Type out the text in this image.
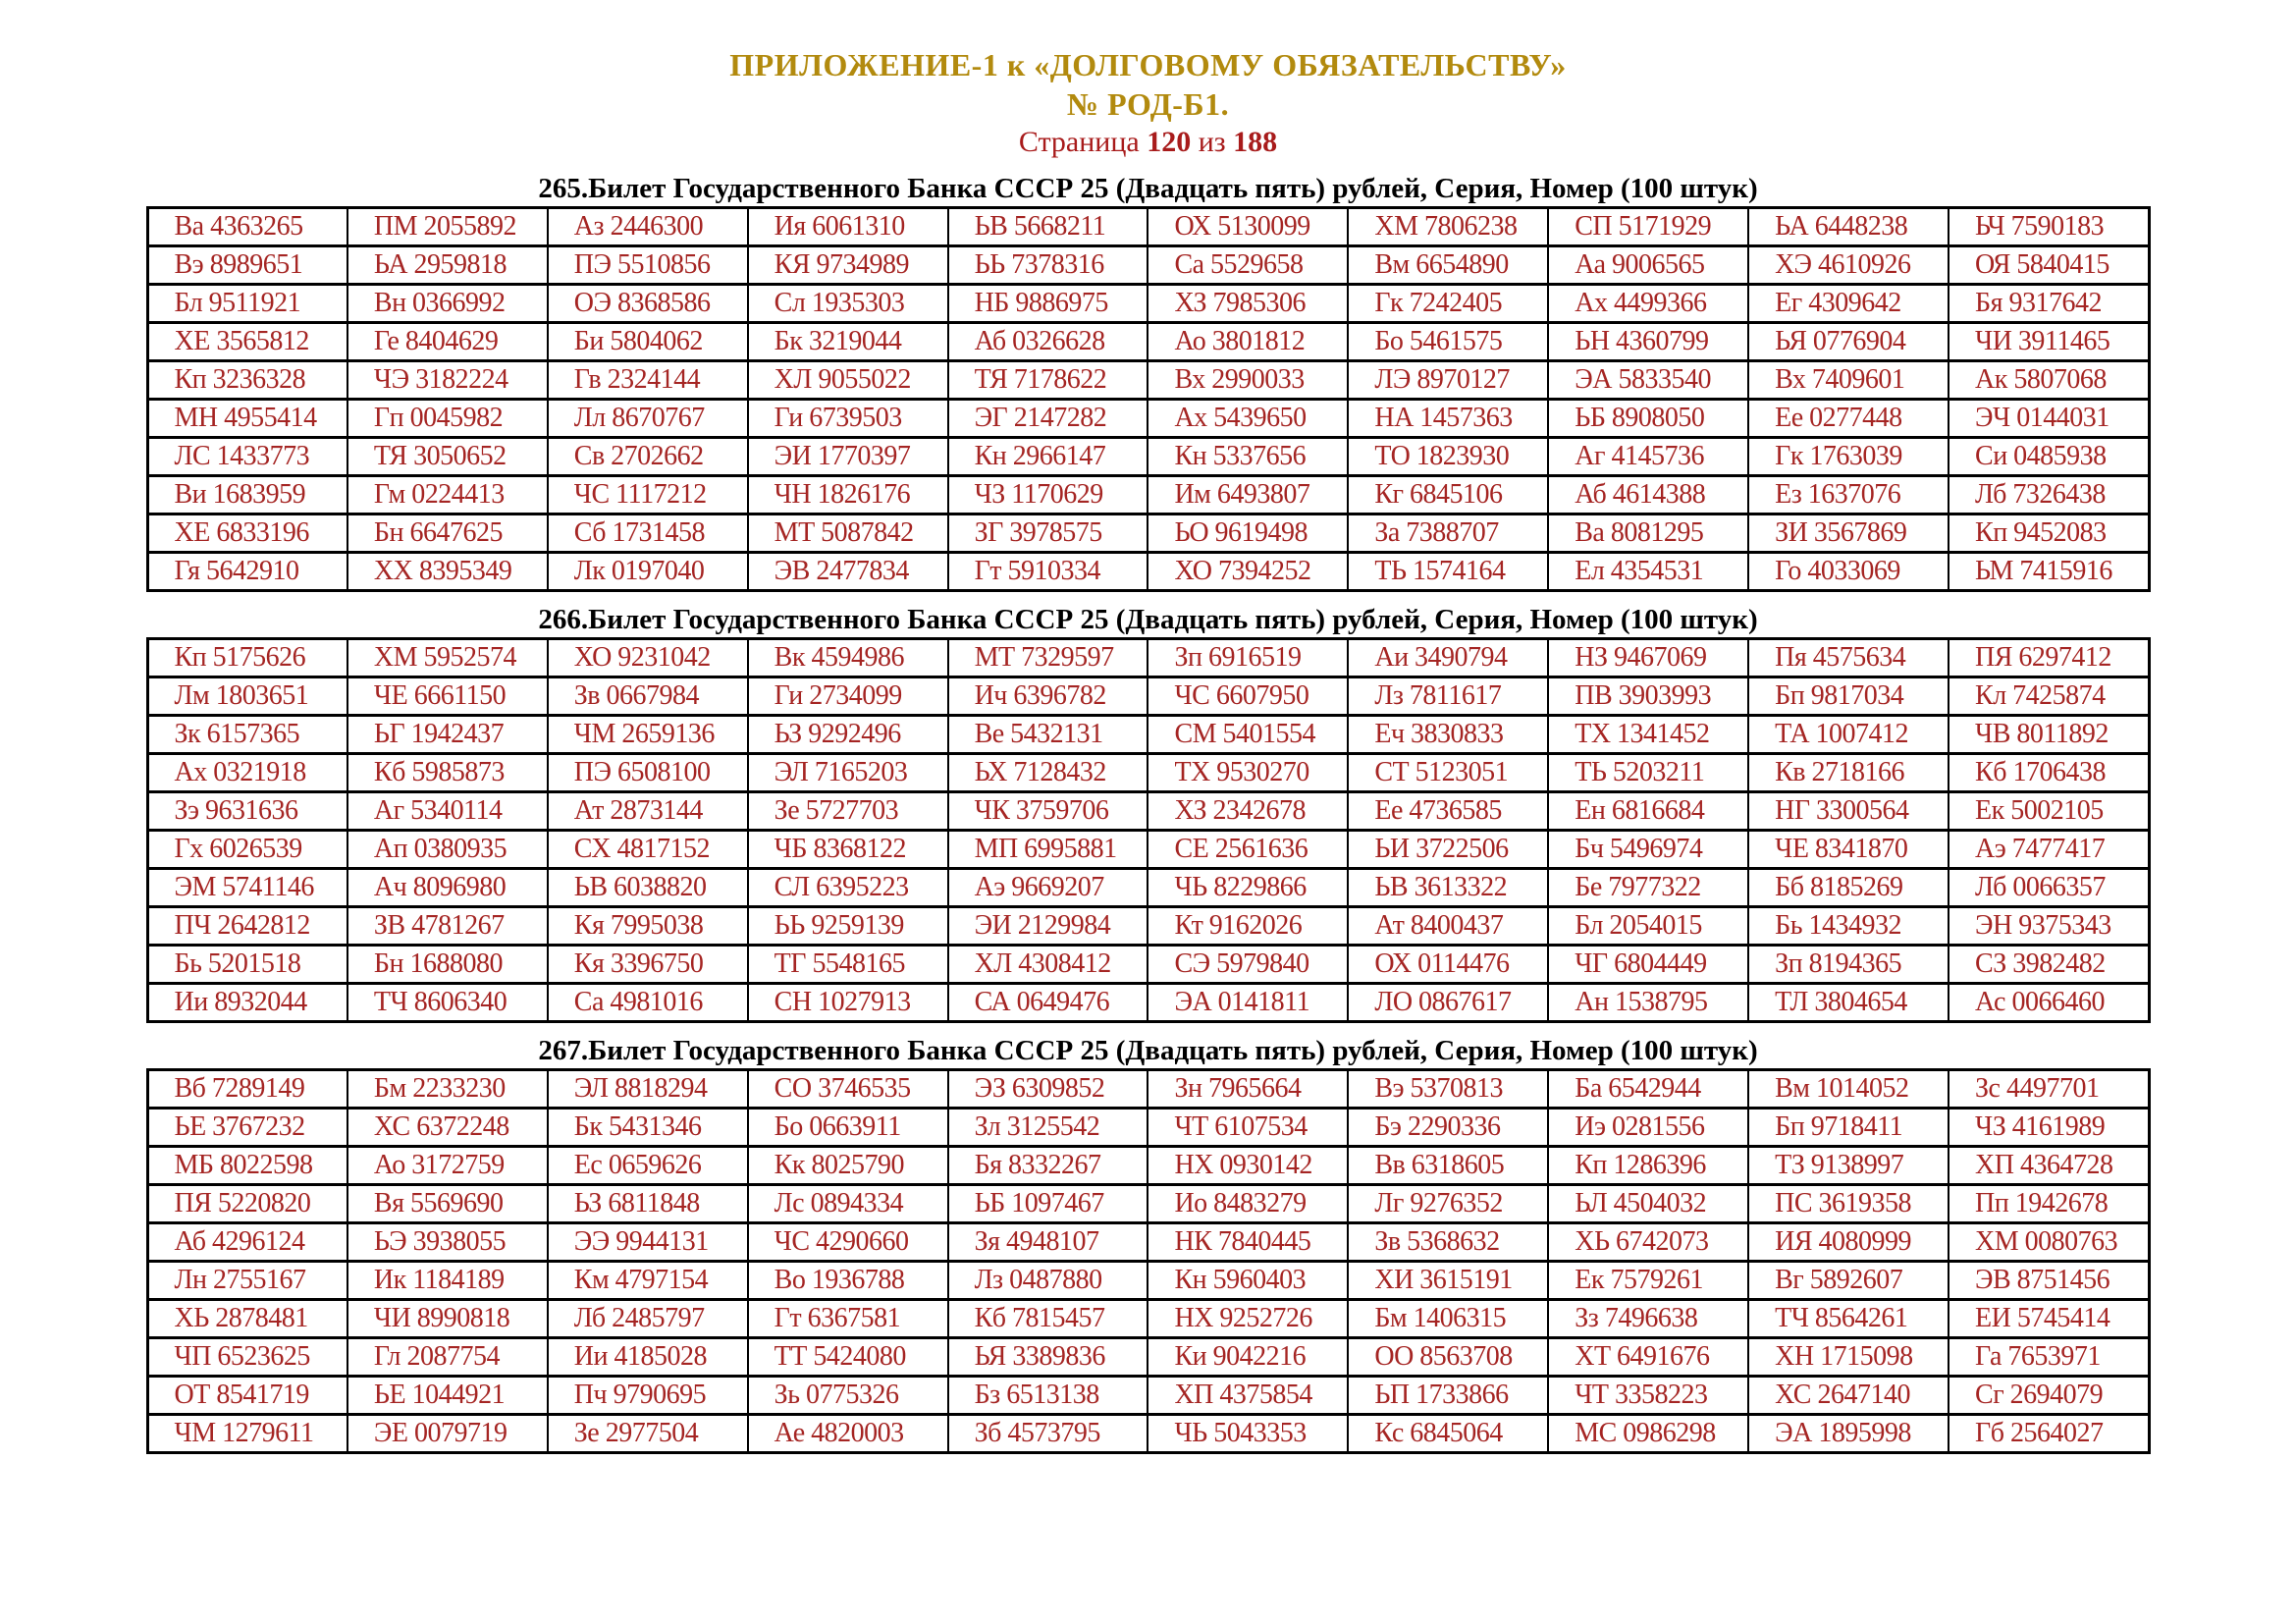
ПРИЛОЖЕНИЕ-1 к «ДОЛГОВОМУ ОБЯЗАТЕЛЬСТВУ»
№ РОД-Б1.
Страница 120 из 188
265.Билет Государственного Банка СССР 25 (Двадцать пять) рублей, Серия, Номер (100 штук)
Ва 4363265	ПМ 2055892	Аз 2446300	Ия 6061310	ЬВ 5668211	ОХ 5130099	ХМ 7806238	СП 5171929	ЬА 6448238	ЬЧ 7590183
Вэ 8989651	ЬА 2959818	ПЭ 5510856	КЯ 9734989	ЬЬ 7378316	Са 5529658	Вм 6654890	Аа 9006565	ХЭ 4610926	ОЯ 5840415
Бл 9511921	Вн 0366992	ОЭ 8368586	Сл 1935303	НБ 9886975	ХЗ 7985306	Гк 7242405	Ах 4499366	Ег 4309642	Бя 9317642
ХЕ 3565812	Ге 8404629	Би 5804062	Бк 3219044	Аб 0326628	Ао 3801812	Бо 5461575	ЬН 4360799	ЬЯ 0776904	ЧИ 3911465
Кп 3236328	ЧЭ 3182224	Гв 2324144	ХЛ 9055022	ТЯ 7178622	Вх 2990033	ЛЭ 8970127	ЭА 5833540	Вх 7409601	Ак 5807068
МН 4955414	Гп 0045982	Лл 8670767	Ги 6739503	ЭГ 2147282	Ах 5439650	НА 1457363	ЬБ 8908050	Ее 0277448	ЭЧ 0144031
ЛС 1433773	ТЯ 3050652	Св 2702662	ЭИ 1770397	Кн 2966147	Кн 5337656	ТО 1823930	Аг 4145736	Гк 1763039	Си 0485938
Ви 1683959	Гм 0224413	ЧС 1117212	ЧН 1826176	ЧЗ 1170629	Им 6493807	Кг 6845106	Аб 4614388	Ез 1637076	Лб 7326438
ХЕ 6833196	Бн 6647625	Сб 1731458	МТ 5087842	ЗГ 3978575	ЬО 9619498	За 7388707	Ва 8081295	ЗИ 3567869	Кп 9452083
Гя 5642910	ХХ 8395349	Лк 0197040	ЭВ 2477834	Гт 5910334	ХО 7394252	ТЬ 1574164	Ел 4354531	Го 4033069	ЬМ 7415916
266.Билет Государственного Банка СССР 25 (Двадцать пять) рублей, Серия, Номер (100 штук)
Кп 5175626	ХМ 5952574	ХО 9231042	Вк 4594986	МТ 7329597	Зп 6916519	Аи 3490794	НЗ 9467069	Пя 4575634	ПЯ 6297412
Лм 1803651	ЧЕ 6661150	Зв 0667984	Ги 2734099	Ич 6396782	ЧС 6607950	Лз 7811617	ПВ 3903993	Бп 9817034	Кл 7425874
Зк 6157365	ЬГ 1942437	ЧМ 2659136	ЬЗ 9292496	Ве 5432131	СМ 5401554	Еч 3830833	ТХ 1341452	ТА 1007412	ЧВ 8011892
Ах 0321918	Кб 5985873	ПЭ 6508100	ЭЛ 7165203	ЬХ 7128432	ТХ 9530270	СТ 5123051	ТЬ 5203211	Кв 2718166	Кб 1706438
Зэ 9631636	Аг 5340114	Ат 2873144	Зе 5727703	ЧК 3759706	ХЗ 2342678	Ее 4736585	Ен 6816684	НГ 3300564	Ек 5002105
Гх 6026539	Ап 0380935	СХ 4817152	ЧБ 8368122	МП 6995881	СЕ 2561636	ЬИ 3722506	Бч 5496974	ЧЕ 8341870	Аэ 7477417
ЭМ 5741146	Ач 8096980	ЬВ 6038820	СЛ 6395223	Аэ 9669207	ЧЬ 8229866	ЬВ 3613322	Бе 7977322	Бб 8185269	Лб 0066357
ПЧ 2642812	ЗВ 4781267	Кя 7995038	ЬЬ 9259139	ЭИ 2129984	Кт 9162026	Ат 8400437	Бл 2054015	Бь 1434932	ЭН 9375343
Бь 5201518	Бн 1688080	Кя 3396750	ТГ 5548165	ХЛ 4308412	СЭ 5979840	ОХ 0114476	ЧГ 6804449	Зп 8194365	СЗ 3982482
Ии 8932044	ТЧ 8606340	Са 4981016	СН 1027913	СА 0649476	ЭА 0141811	ЛО 0867617	Ан 1538795	ТЛ 3804654	Ас 0066460
267.Билет Государственного Банка СССР 25 (Двадцать пять) рублей, Серия, Номер (100 штук)
Вб 7289149	Бм 2233230	ЭЛ 8818294	СО 3746535	ЭЗ 6309852	Зн 7965664	Вэ 5370813	Ба 6542944	Вм 1014052	Зс 4497701
ЬЕ 3767232	ХС 6372248	Бк 5431346	Бо 0663911	Зл 3125542	ЧТ 6107534	Бэ 2290336	Иэ 0281556	Бп 9718411	ЧЗ 4161989
МБ 8022598	Ао 3172759	Ес 0659626	Кк 8025790	Бя 8332267	НХ 0930142	Вв 6318605	Кп 1286396	ТЗ 9138997	ХП 4364728
ПЯ 5220820	Вя 5569690	ЬЗ 6811848	Лс 0894334	ЬБ 1097467	Ио 8483279	Лг 9276352	ЬЛ 4504032	ПС 3619358	Пп 1942678
Аб 4296124	ЬЭ 3938055	ЭЭ 9944131	ЧС 4290660	Зя 4948107	НК 7840445	Зв 5368632	ХЬ 6742073	ИЯ 4080999	ХМ 0080763
Лн 2755167	Ик 1184189	Км 4797154	Во 1936788	Лз 0487880	Кн 5960403	ХИ 3615191	Ек 7579261	Вг 5892607	ЭВ 8751456
ХЬ 2878481	ЧИ 8990818	Лб 2485797	Гт 6367581	Кб 7815457	НХ 9252726	Бм 1406315	Зз 7496638	ТЧ 8564261	ЕИ 5745414
ЧП 6523625	Гл 2087754	Ии 4185028	ТТ 5424080	ЬЯ 3389836	Ки 9042216	ОО 8563708	ХТ 6491676	ХН 1715098	Га 7653971
ОТ 8541719	ЬЕ 1044921	Пч 9790695	Зь 0775326	Бз 6513138	ХП 4375854	ЬП 1733866	ЧТ 3358223	ХС 2647140	Сг 2694079
ЧМ 1279611	ЭЕ 0079719	Зе 2977504	Ае 4820003	Зб 4573795	ЧЬ 5043353	Кс 6845064	МС 0986298	ЭА 1895998	Гб 2564027
